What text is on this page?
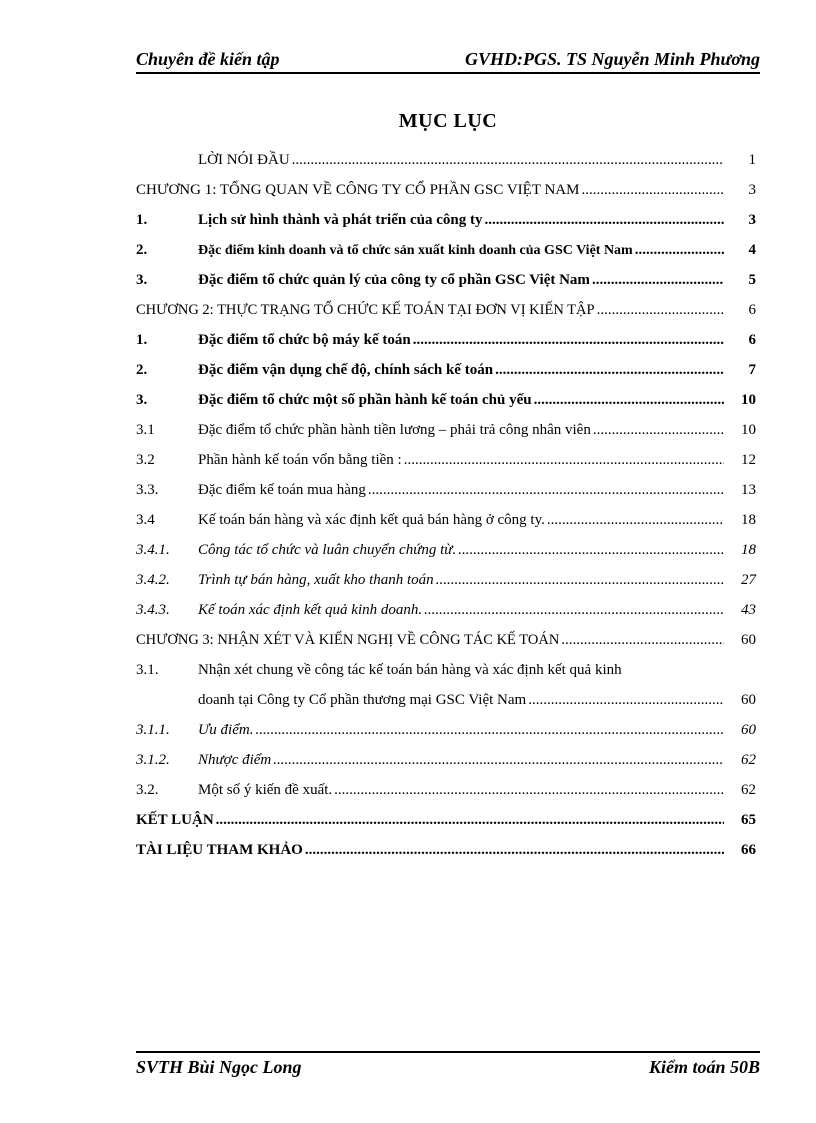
Chuyên đề kiến tập	GVHD:PGS. TS Nguyễn Minh Phương
MỤC LỤC
LỜI NÓI ĐẦU .....	1
CHƯƠNG 1: TỔNG QUAN VỀ CÔNG TY CỔ PHẦN GSC VIỆT NAM .....	3
1.	Lịch sử hình thành và phát triển của công ty .....	3
2.	Đặc điểm kinh doanh và tổ chức sản xuất kinh doanh của GSC Việt Nam .....	4
3.	Đặc điểm tổ chức quản lý của công ty cổ phần GSC Việt Nam .....	5
CHƯƠNG 2: THỰC TRẠNG TỔ CHỨC KẾ TOÁN TẠI ĐƠN VỊ KIẾN TẬP .....	6
1.	Đặc điểm tổ chức bộ máy kế toán .....	6
2.	Đặc điểm vận dụng chế độ, chính sách kế toán .....	7
3.	Đặc điểm tổ chức một số phần hành kế toán chủ yếu .....	10
3.1	Đặc điểm tổ chức phần hành tiền lương – phải trả công nhân viên .....	10
3.2	Phần hành kế toán vốn bằng tiền : .....	12
3.3.	Đặc điểm kế toán mua hàng .....	13
3.4	Kế toán bán hàng và xác định kết quả bán hàng ở công ty. .....	18
3.4.1.	Công tác tổ chức và luân chuyển chứng từ. .....	18
3.4.2.	Trình tự bán hàng, xuất kho thanh toán .....	27
3.4.3.	Kế toán xác định kết quả kinh doanh. .....	43
CHƯƠNG 3: NHẬN XÉT VÀ KIẾN NGHỊ VỀ CÔNG TÁC KẾ TOÁN .....	60
3.1.	Nhận xét chung về công tác kế toán bán hàng và xác định kết quả kinh
doanh tại Công ty Cổ phần thương mại GSC Việt Nam .....	60
3.1.1.	Ưu điểm. .....	60
3.1.2.	Nhược điểm .....	62
3.2.	Một số ý kiến đề xuất. .....	62
KẾT LUẬN .....	65
TÀI LIỆU THAM KHẢO .....	66
SVTH Bùi Ngọc Long	Kiểm toán 50B
